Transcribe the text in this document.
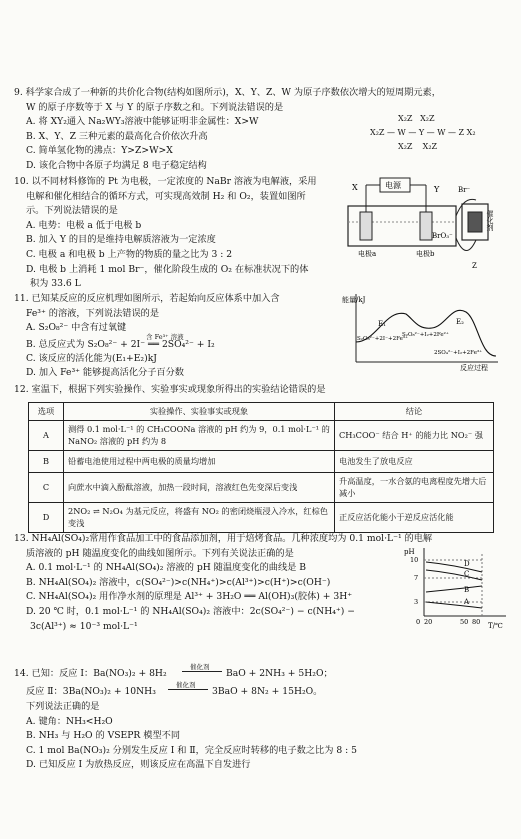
9. 科学家合成了一种新的共价化合物(结构如图所示)，X、Y、Z、W 为原子序数依次增大的短周期元素，
W 的原子序数等于 X 与 Y 的原子序数之和。下列说法错误的是
A. 将 XY₂通入 Na₂WY₃溶液中能够证明非金属性：X>W
B. X、Y、Z 三种元素的最高化合价依次升高
C. 简单氢化物的沸点：Y>Z>W>X
D. 该化合物中各原子均满足 8 电子稳定结构
X₂Z   X₂Z
X₂Z — W — Y — W — Z X₂
X₂Z    X₂Z
10. 以不同材料修饰的 Pt 为电极，一定浓度的 NaBr 溶液为电解液，采用
电解和催化相结合的循环方式，可实现高效制 H₂ 和 O₂，装置如图所
示。下列说法错误的是
A. 电势：电极 a 低于电极 b
B. 加入 Y 的目的是维持电解质溶液为一定浓度
C. 电极 a 和电极 b 上产物的物质的量之比为 3 : 2
D. 电极 b 上消耗 1 mol Br⁻，催化阶段生成的 O₂ 在标准状况下的体
积为 33.6 L
电源
X	Y
电极a	电极b
BrO₃⁻
Br⁻
催化剂
Z
11. 已知某反应的反应机理如图所示，若起始向反应体系中加入含
Fe³⁺ 的溶液，下列说法错误的是
A. S₂O₈²⁻ 中含有过氧键
含 Fe³⁺ 溶液
B. 总反应式为 S₂O₈²⁻ + 2I⁻ ══ 2SO₄²⁻ + I₂
C. 该反应的活化能为(E₁+E₂)kJ
D. 加入 Fe³⁺ 能够提高活化分子百分数
能量/kJ
反应过程
E₁	E₂
S₂O₈²⁻+2I⁻+2Fe³⁺
S₂O₈²⁻+I₂+2Fe²⁺
2SO₄²⁻+I₂+2Fe³⁺
12. 室温下，根据下列实验操作、实验事实或现象所得出的实验结论错误的是
选项	实验操作、实验事实或现象	结论
A	测得 0.1 mol·L⁻¹ 的 CH₃COONa 溶液的 pH 约为 9，0.1 mol·L⁻¹ 的 NaNO₂ 溶液的 pH 约为 8	CH₃COO⁻ 结合 H⁺ 的能力比 NO₂⁻ 强
B	铅蓄电池使用过程中两电极的质量均增加	电池发生了放电反应
C	向蔗水中滴入酚酞溶液，加热一段时间，溶液红色先变深后变浅	升高温度，一水合氨的电离程度先增大后减小
D	2NO₂ ⇌ N₂O₄ 为基元反应，将盛有 NO₂ 的密闭烧瓶浸入冷水，红棕色变浅	正反应活化能小于逆反应活化能
13. NH₄Al(SO₄)₂常用作食品加工中的食品添加剂，用于焙烤食品。几种浓度均为 0.1 mol·L⁻¹ 的电解
质溶液的 pH 随温度变化的曲线如图所示。下列有关说法正确的是
A. 0.1 mol·L⁻¹ 的 NH₄Al(SO₄)₂ 溶液的 pH 随温度变化的曲线是 B
B. NH₄Al(SO₄)₂ 溶液中，c(SO₄²⁻)>c(NH₄⁺)>c(Al³⁺)>c(H⁺)>c(OH⁻)
C. NH₄Al(SO₄)₂ 用作净水剂的原理是 Al³⁺ + 3H₂O ══ Al(OH)₃(胶体) + 3H⁺
D. 20 ℃ 时，0.1 mol·L⁻¹ 的 NH₄Al(SO₄)₂ 溶液中：2c(SO₄²⁻) − c(NH₄⁺) −
3c(Al³⁺) ≈ 10⁻³ mol·L⁻¹
pH
T/℃
10
7
3
0 20	50 80
D
C
B
A
14. 已知：反应 Ⅰ：Ba(NO₃)₂ + 8H₂
催化剂
BaO + 2NH₃ + 5H₂O；
反应 Ⅱ：3Ba(NO₃)₂ + 10NH₃
催化剂
3BaO + 8N₂ + 15H₂O。
下列说法正确的是
A. 键角：NH₃<H₂O
B. NH₃ 与 H₂O 的 VSEPR 模型不同
C. 1 mol Ba(NO₃)₂ 分别发生反应 Ⅰ 和 Ⅱ，完全反应时转移的电子数之比为 8 : 5
D. 已知反应 Ⅰ 为放热反应，则该反应在高温下自发进行
